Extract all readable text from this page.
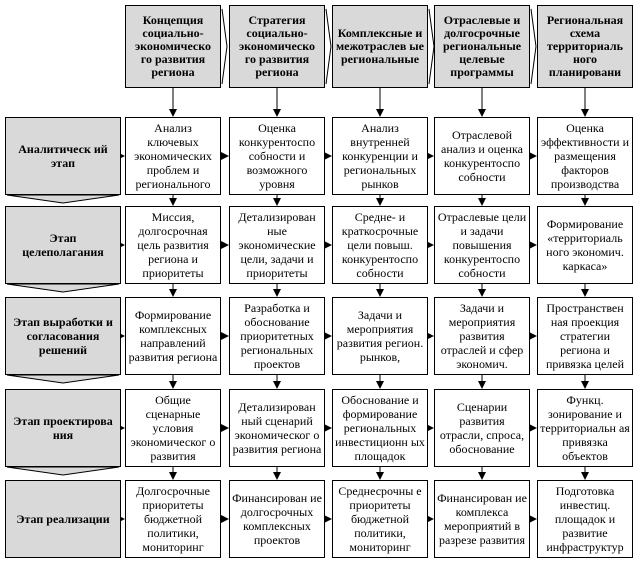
Концепция социально-экономическо го развития региона
Стратегия социально-экономическо го развития региона
Комплексные и межотраслев ые региональные
Отраслевые и долгосрочные региональные целевые программы
Региональная схема территориаль ного планировани
Аналитическ ий этап
Этап целеполагания
Этап выработки и согласования решений
Этап проектирова ния
Этап реализации
Анализ ключевых экономических проблем и регионального
Оценка конкурентоспо собности и возможного уровня
Анализ внутренней конкуренции и региональных рынков
Отраслевой анализ и оценка конкурентоспо собности
Оценка эффективности и размещения факторов производства
Миссия, долгосрочная цель развития региона и приоритеты
Детализирован ные экономические цели, задачи и приоритеты
Средне- и краткосрочные цели повыш. конкурентоспо собности
Отраслевые цели и задачи повышения конкурентоспо собности
Формирование «территориаль ного экономич. каркаса»
Формирование комплексных направлений развития региона
Разработка и обоснование приоритетных региональных проектов
Задачи и мероприятия развития регион. рынков,
Задачи и мероприятия развития отраслей и сфер экономич.
Пространствен ная проекция стратегии региона и привязка целей
Общие сценарные условия экономическог о развития
Детализирован ный сценарий экономическог о развития региона
Обоснование и формирование региональных инвестиционн ых площадок
Сценарии развития отрасли, спроса, обоснование
Функц. зонирование и территориальн ая привязка объектов
Долгосрочные приоритеты бюджетной политики, мониторинг
Финансирован ие долгосрочных комплексных проектов
Среднесрочны е приоритеты бюджетной политики, мониторинг
Финансирован ие комплекса мероприятий в разрезе развития
Подготовка инвестиц. площадок и развитие инфраструктур
